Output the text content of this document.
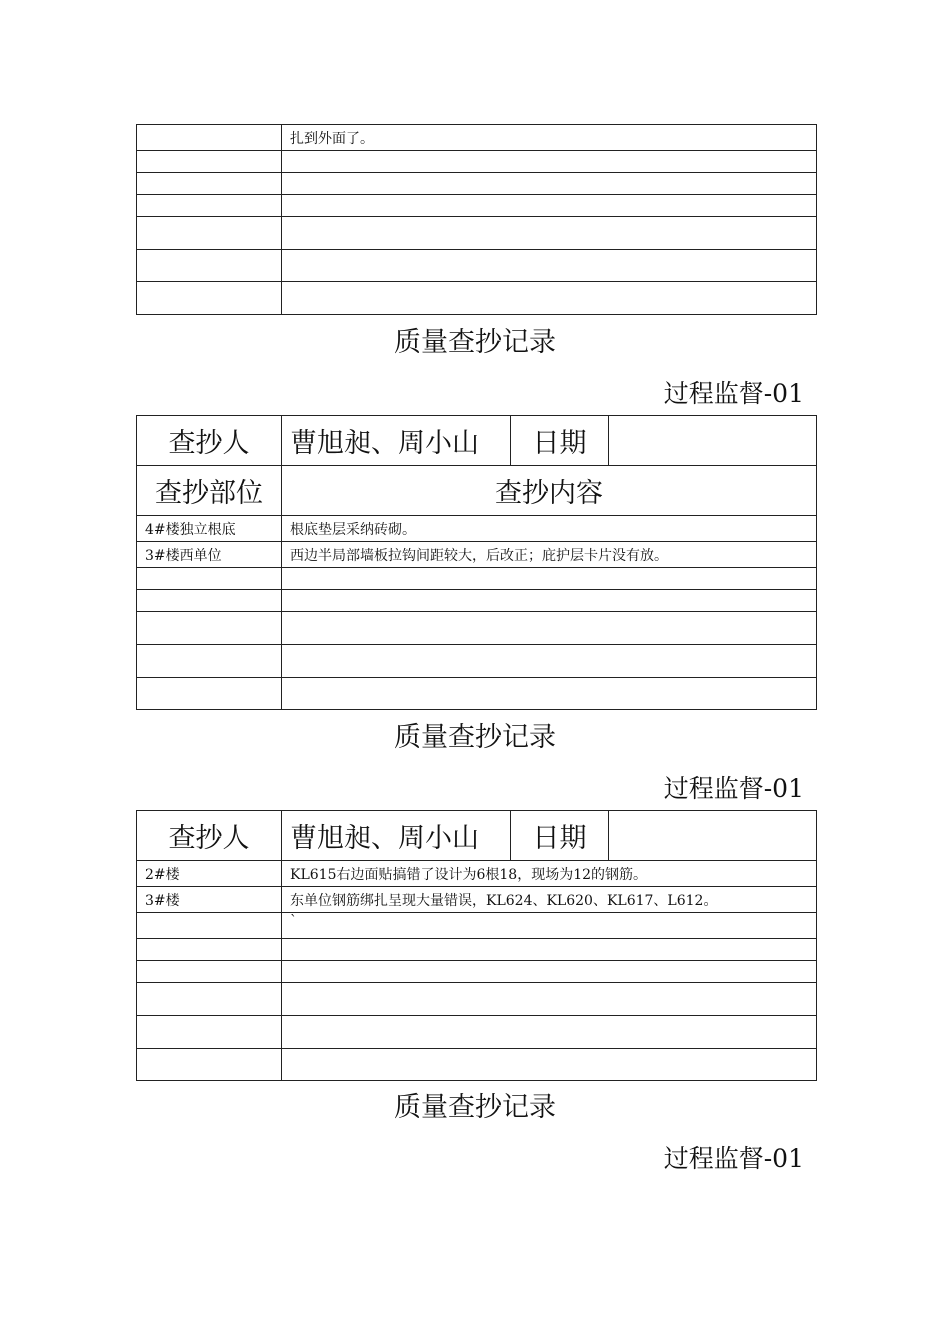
	扎到外面了。

质量查抄记录
过程监督-01
查抄人	曹旭昶、周小山	日期	
查抄部位	查抄内容		
4#楼独立根底	根底垫层采纳砖砌。		
3#楼西单位	西边半局部墙板拉钩间距较大，后改正；庇护层卡片没有放。		

质量查抄记录
过程监督-01
查抄人	曹旭昶、周小山	日期	
2#楼	KL615右边面贴搞错了设计为6根18，现场为12的钢筋。		
3#楼	东单位钢筋绑扎呈现大量错误，KL624、KL620、KL617、L612。		
	`		

质量查抄记录
过程监督-01
